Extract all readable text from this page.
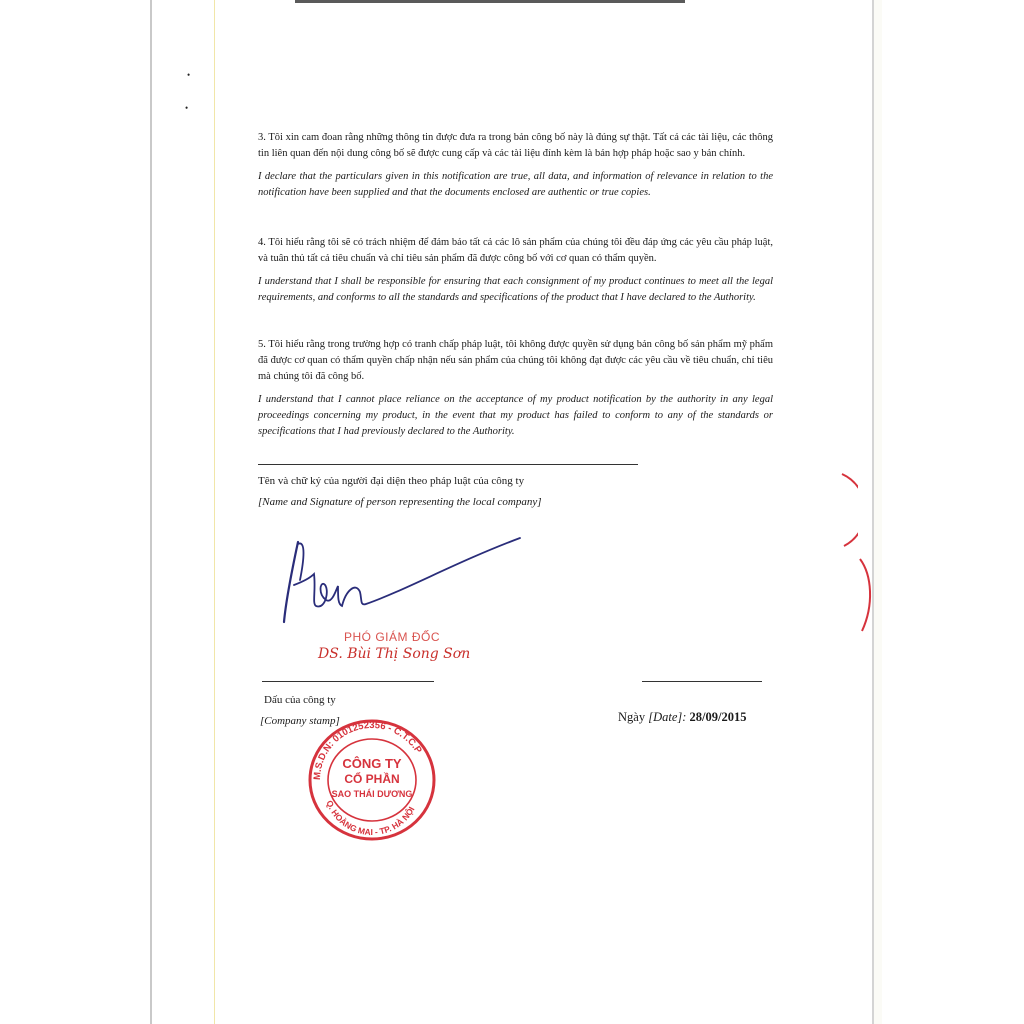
•
•

3. Tôi xin cam đoan rằng những thông tin được đưa ra trong bản công bố này là đúng sự thật. Tất cả các tài liệu, các thông tin liên quan đến nội dung công bố sẽ được cung cấp và các tài liệu đính kèm là bản hợp pháp hoặc sao y bản chính.

I declare that the particulars given in this notification are true, all data, and information of relevance in relation to the notification have been supplied and that the documents enclosed are authentic or true copies.

4. Tôi hiểu rằng tôi sẽ có trách nhiệm để đảm bảo tất cả các lô sản phẩm của chúng tôi đều đáp ứng các yêu cầu pháp luật, và tuân thủ tất cả tiêu chuẩn và chỉ tiêu sản phẩm đã được công bố với cơ quan có thẩm quyền.

I understand that I shall be responsible for ensuring that each consignment of my product continues to meet all the legal requirements, and conforms to all the standards and specifications of the product that I have declared to the Authority.

5. Tôi hiểu rằng trong trường hợp có tranh chấp pháp luật, tôi không được quyền sử dụng bản công bố sản phẩm mỹ phẩm đã được cơ quan có thẩm quyền chấp nhận nếu sản phẩm của chúng tôi không đạt được các yêu cầu về tiêu chuẩn, chỉ tiêu mà chúng tôi đã công bố.

I understand that I cannot place reliance on the acceptance of my product notification by the authority in any legal proceedings concerning my product, in the event that my product has failed to conform to any of the standards or specifications that I had previously declared to the Authority.

Tên và chữ ký của người đại diện theo pháp luật của công ty
[Name and Signature of person representing the local company]
PHÓ GIÁM ĐỐC
DS. Bùi Thị Song Sơn
Dấu của công ty
[Company stamp]	Ngày [Date]: 28/09/2015
M.S.D.N: 0101252356 - C.T.C.P
Q. HOÀNG MAI - TP. HÀ NỘI
CÔNG TY
CỔ PHẦN
SAO THÁI DƯƠNG
